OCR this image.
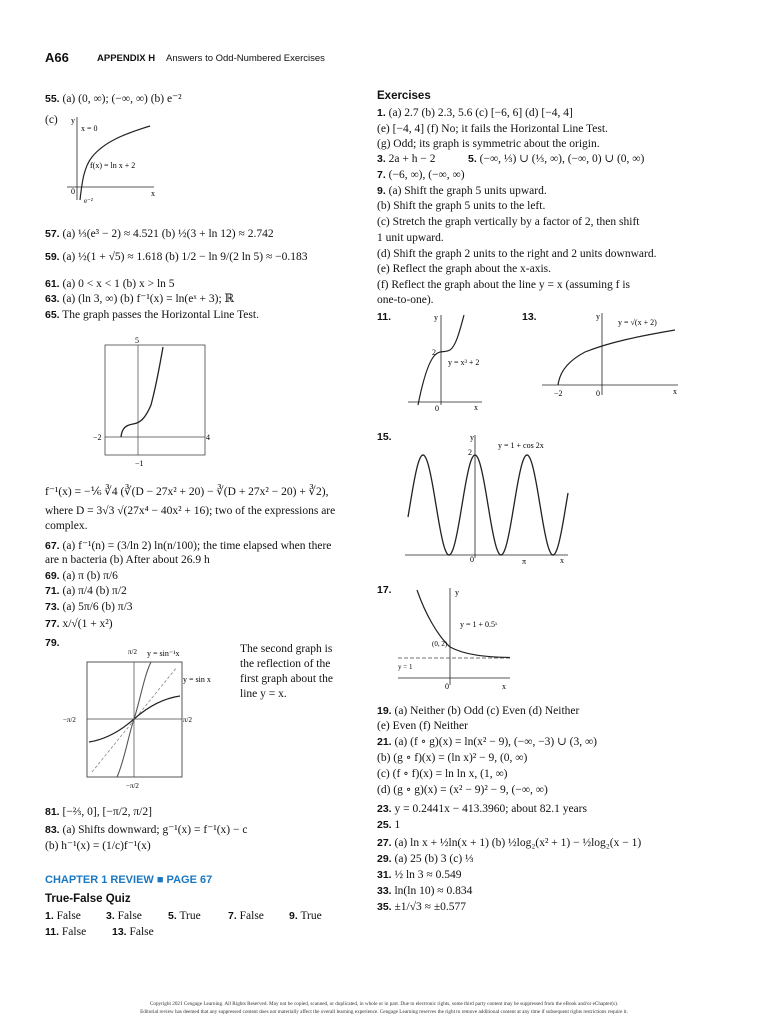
A66	APPENDIX H Answers to Odd-Numbered Exercises
55. (a) (0, ∞); (−∞, ∞) (b) e⁻²
(c) y
x = 0
f(x) = ln x + 2
x
0
e⁻²
57. (a) ⅓(e³ − 2) ≈ 4.521 (b) ½(3 + ln 12) ≈ 2.742
59. (a) ½(1 + √5) ≈ 1.618 (b) 1/2 − ln 9/(2 ln 5) ≈ −0.183
61. (a) 0 < x < 1 (b) x > ln 5
63. (a) (ln 3, ∞) (b) f⁻¹(x) = ln(eˣ + 3); ℝ
65. The graph passes the Horizontal Line Test.
5
−2	4
−1
f⁻¹(x) = −⅙ ∛4 (∛(D − 27x² + 20) − ∛(D + 27x² − 20) + ∛2),
where D = 3√3 √(27x⁴ − 40x² + 16); two of the expressions are
complex.
67. (a) f⁻¹(n) = (3/ln 2) ln(n/100); the time elapsed when there
are n bacteria (b) After about 26.9 h
69. (a) π (b) π/6
71. (a) π/4 (b) π/2
73. (a) 5π/6 (b) π/3
77. x/√(1 + x²)
79.
π/2 y = sin⁻¹x
y = sin x
−π/2	π/2
−π/2
The second graph is
the reflection of the
first graph about the
line y = x.
81. [−⅔, 0], [−π/2, π/2]
83. (a) Shifts downward; g⁻¹(x) = f⁻¹(x) − c
(b) h⁻¹(x) = (1/c)f⁻¹(x)
CHAPTER 1 REVIEW ■ PAGE 67
True-False Quiz
1. False 3. False 5. True	7. False 9. True
11. False 13. False
Exercises
1. (a) 2.7 (b) 2.3, 5.6 (c) [−6, 6] (d) [−4, 4]
(e) [−4, 4] (f) No; it fails the Horizontal Line Test.
(g) Odd; its graph is symmetric about the origin.
3. 2a + h − 2	5. (−∞, ⅓) ∪ (⅓, ∞), (−∞, 0) ∪ (0, ∞)
7. (−6, ∞), (−∞, ∞)
9. (a) Shift the graph 5 units upward.
(b) Shift the graph 5 units to the left.
(c) Stretch the graph vertically by a factor of 2, then shift
1 unit upward.
(d) Shift the graph 2 units to the right and 2 units downward.
(e) Reflect the graph about the x-axis.
(f) Reflect the graph about the line y = x (assuming f is
one-to-one).
11.	y
2
y = x³ + 2
0	x
13.	y
y = √(x + 2)
−2	0	x
15.	y
2
y = 1 + cos 2x
0	π	x
17.	y
y = 1 + 0.5ˣ
(0, 2)
y = 1
0	x
19. (a) Neither (b) Odd (c) Even (d) Neither
(e) Even (f) Neither
21. (a) (f ∘ g)(x) = ln(x² − 9), (−∞, −3) ∪ (3, ∞)
(b) (g ∘ f)(x) = (ln x)² − 9, (0, ∞)
(c) (f ∘ f)(x) = ln ln x, (1, ∞)
(d) (g ∘ g)(x) = (x² − 9)² − 9, (−∞, ∞)
23. y = 0.2441x − 413.3960; about 82.1 years
25. 1
27. (a) ln x + ½ln(x + 1) (b) ½log₂(x² + 1) − ½log₂(x − 1)
29. (a) 25 (b) 3 (c) ⅓
31. ½ ln 3 ≈ 0.549
33. ln(ln 10) ≈ 0.834
35. ±1/√3 ≈ ±0.577
Copyright 2021 Cengage Learning. All Rights Reserved. May not be copied, scanned, or duplicated, in whole or in part. Due to electronic rights, some third party content may be suppressed from the eBook and/or eChapter(s).
Editorial review has deemed that any suppressed content does not materially affect the overall learning experience. Cengage Learning reserves the right to remove additional content at any time if subsequent rights restrictions require it.
